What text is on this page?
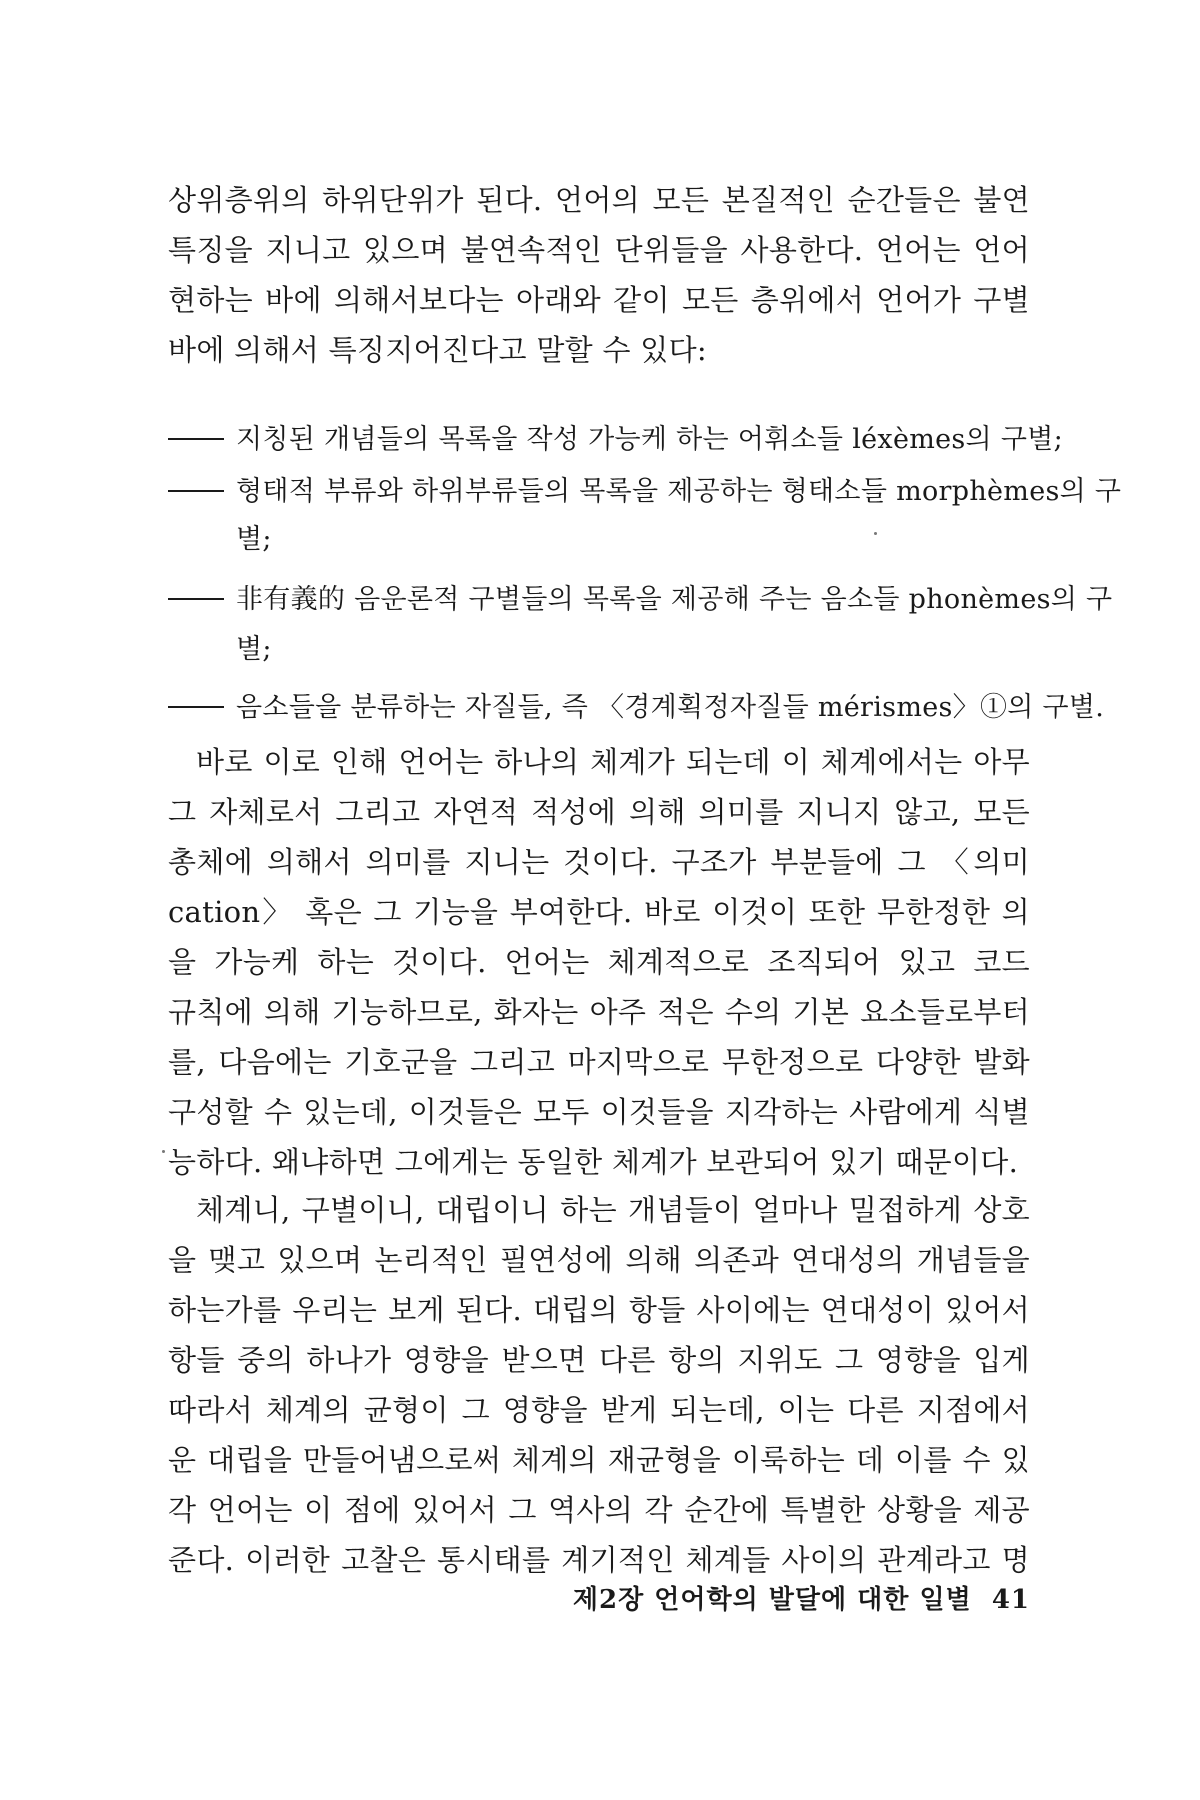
상위층위의 하위단위가 된다. 언어의 모든 본질적인 순간들은 불연
특징을 지니고 있으며 불연속적인 단위들을 사용한다. 언어는 언어
현하는 바에 의해서보다는 아래와 같이 모든 층위에서 언어가 구별
바에 의해서 특징지어진다고 말할 수 있다:
지칭된 개념들의 목록을 작성 가능케 하는 어휘소들 léxèmes의 구별;
형태적 부류와 하위부류들의 목록을 제공하는 형태소들 morphèmes의 구
별;
非有義的 음운론적 구별들의 목록을 제공해 주는 음소들 phonèmes의 구
별;
음소들을 분류하는 자질들, 즉 〈경계획정자질들 mérismes〉①의 구별.
바로 이로 인해 언어는 하나의 체계가 되는데 이 체계에서는 아무
그 자체로서 그리고 자연적 적성에 의해 의미를 지니지 않고, 모든
총체에 의해서 의미를 지니는 것이다. 구조가 부분들에 그 〈의미
cation〉 혹은 그 기능을 부여한다. 바로 이것이 또한 무한정한 의
을 가능케 하는 것이다. 언어는 체계적으로 조직되어 있고 코드
규칙에 의해 기능하므로, 화자는 아주 적은 수의 기본 요소들로부터
를, 다음에는 기호군을 그리고 마지막으로 무한정으로 다양한 발화
구성할 수 있는데, 이것들은 모두 이것들을 지각하는 사람에게 식별
능하다. 왜냐하면 그에게는 동일한 체계가 보관되어 있기 때문이다.
체계니, 구별이니, 대립이니 하는 개념들이 얼마나 밀접하게 상호
을 맺고 있으며 논리적인 필연성에 의해 의존과 연대성의 개념들을
하는가를 우리는 보게 된다. 대립의 항들 사이에는 연대성이 있어서
항들 중의 하나가 영향을 받으면 다른 항의 지위도 그 영향을 입게
따라서 체계의 균형이 그 영향을 받게 되는데, 이는 다른 지점에서
운 대립을 만들어냄으로써 체계의 재균형을 이룩하는 데 이를 수 있
각 언어는 이 점에 있어서 그 역사의 각 순간에 특별한 상황을 제공
준다. 이러한 고찰은 통시태를 계기적인 체계들 사이의 관계라고 명
제2장 언어학의 발달에 대한 일별 41
